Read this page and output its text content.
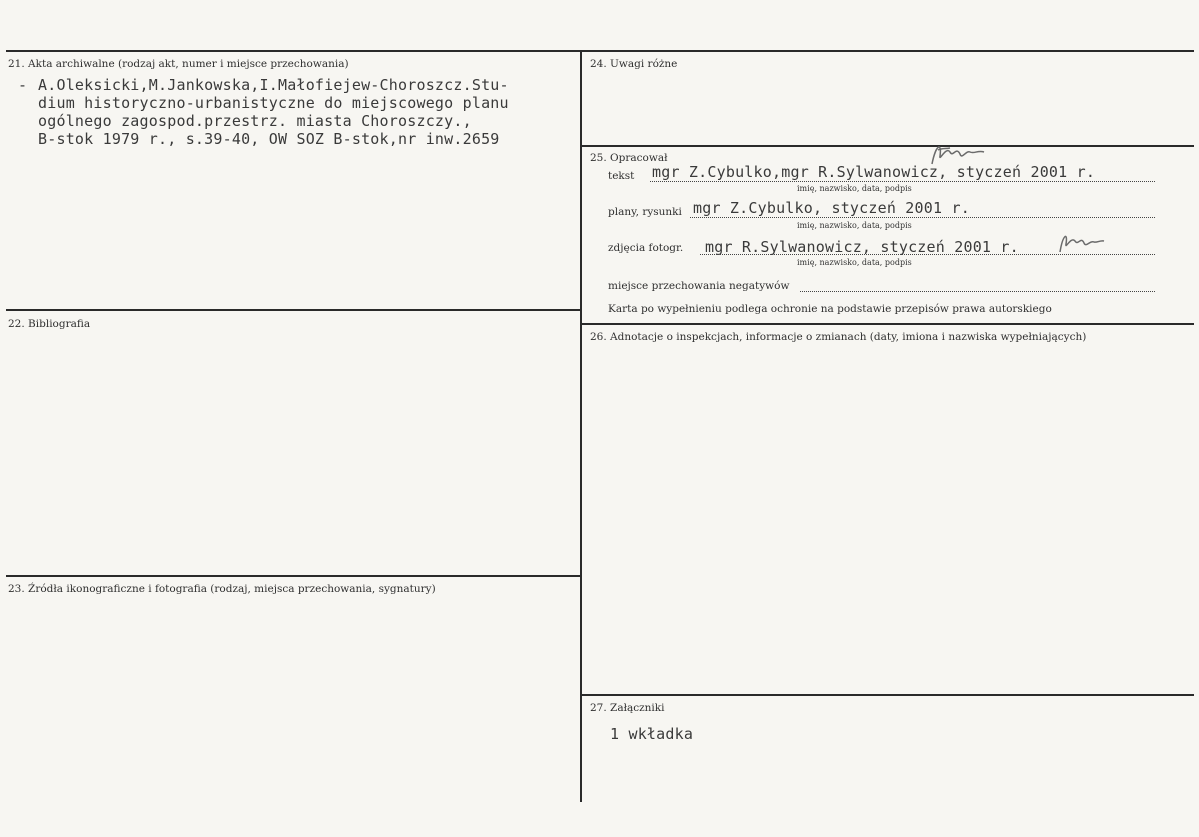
21. Akta archiwalne (rodzaj akt, numer i miejsce przechowania)
- A.Oleksicki,M.Jankowska,I.Małofiejew-Choroszcz.Stu-
dium historyczno-urbanistyczne do miejscowego planu
ogólnego zagospod.przestrz. miasta Choroszczy.,
B-stok 1979 r., s.39-40, OW SOZ B-stok,nr inw.2659
22. Bibliografia
23. Źródła ikonograficzne i fotografia (rodzaj, miejsca przechowania, sygnatury)
24. Uwagi różne
25. Opracował
tekst mgr Z.Cybulko,mgr R.Sylwanowicz, styczeń 2001 r.
imię, nazwisko, data, podpis
plany, rysunki mgr Z.Cybulko, styczeń 2001 r.
imię, nazwisko, data, podpis
zdjęcia fotogr. mgr R.Sylwanowicz, styczeń 2001 r.
imię, nazwisko, data, podpis
miejsce przechowania negatywów
Karta po wypełnieniu podlega ochronie na podstawie przepisów prawa autorskiego
26. Adnotacje o inspekcjach, informacje o zmianach (daty, imiona i nazwiska wypełniających)
27. Załączniki
1 wkładka
